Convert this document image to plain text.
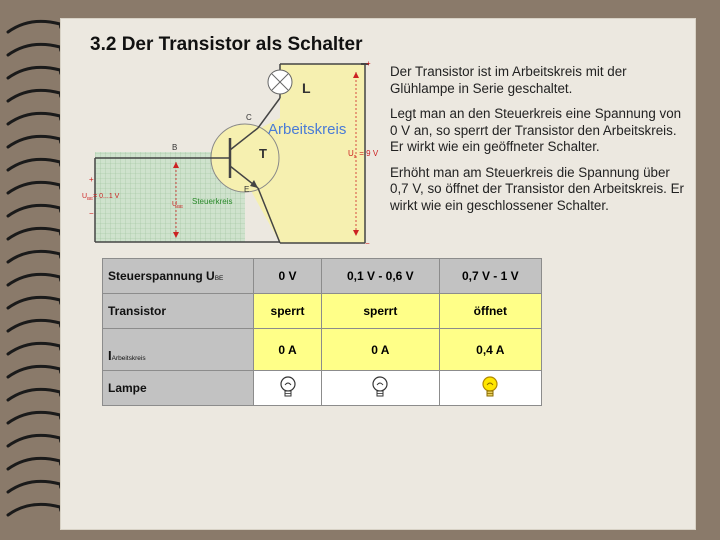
3.2 Der Transistor als Schalter
L
T
C
B
E
Arbeitskreis
Steuerkreis
$U_s = 9$ V
$U_{BE}= 0...1$ V
$U_{BE}$
+
−
+
−

Der Transistor ist im Arbeitskreis mit der Glühlampe in Serie geschaltet.

Legt man an den Steuerkreis eine Spannung von 0 V an, so sperrt der Transistor den Arbeitskreis. Er wirkt wie ein geöffneter Schalter.

Erhöht man am Steuerkreis die Spannung über 0,7 V, so öffnet der Transistor den Arbeitskreis. Er wirkt wie ein geschlossener Schalter.

Steuerspannung UBE	0 V	0,1 V - 0,6 V	0,7 V - 1 V
Transistor	sperrt	sperrt	öffnet
IArbeitskreis	0 A	0 A	0,4 A
Lampe			
